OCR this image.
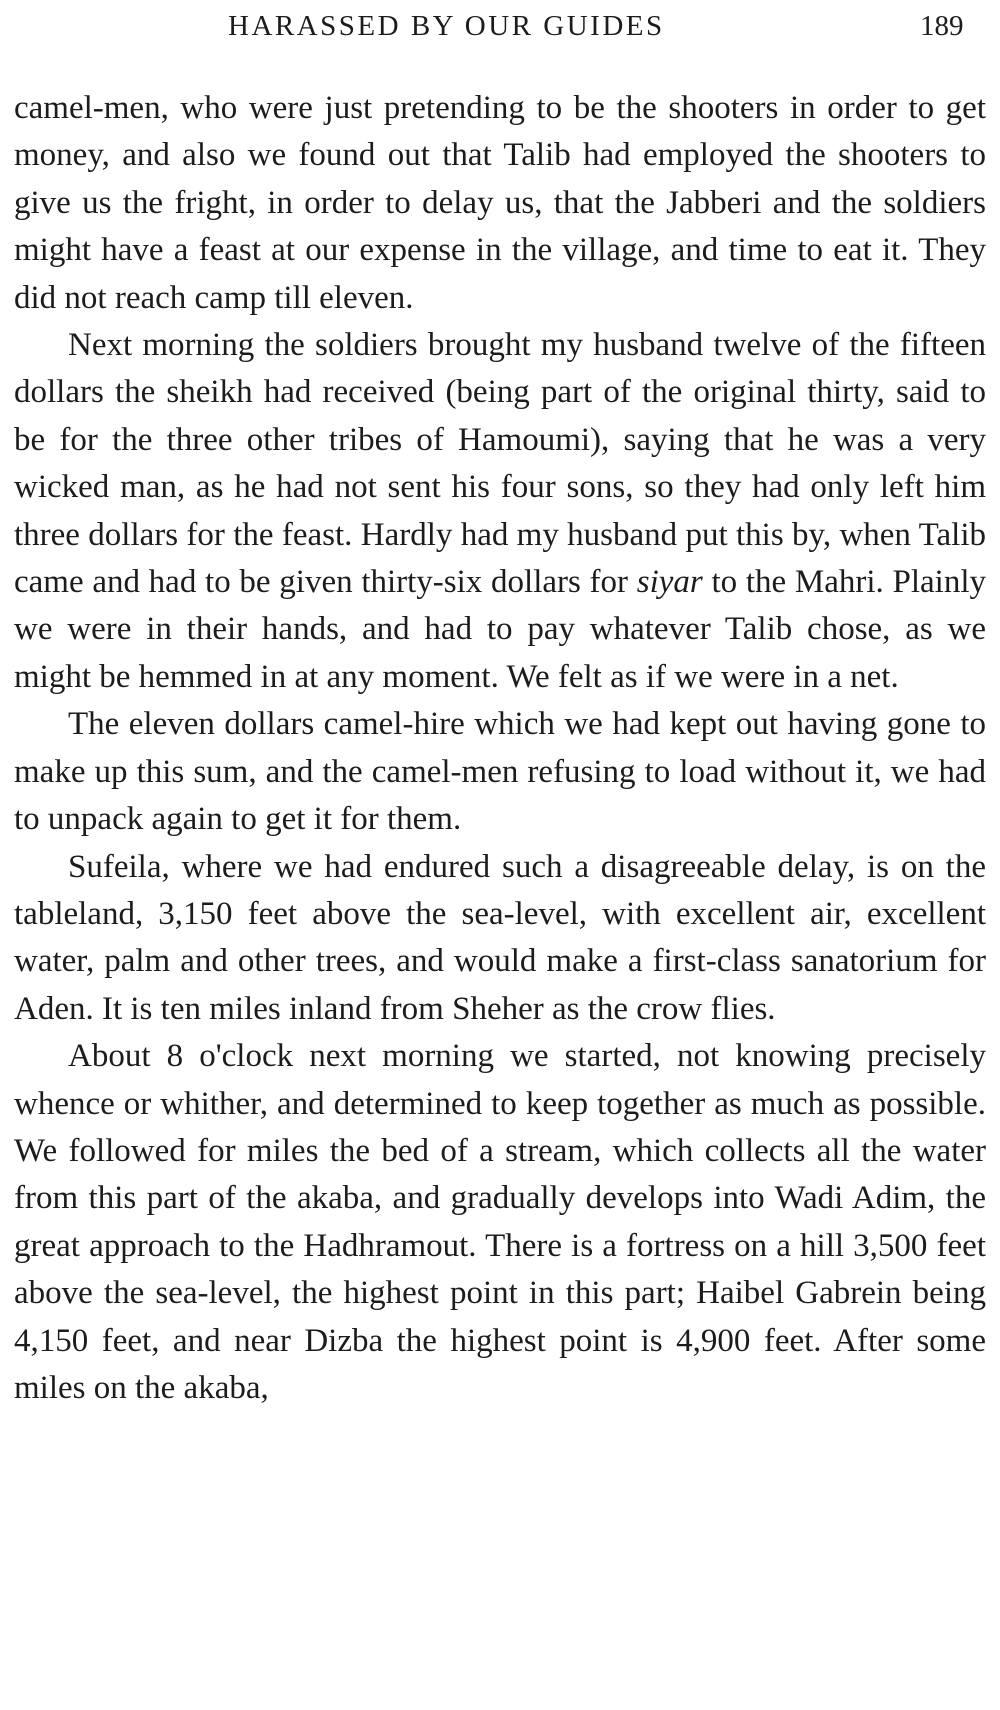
HARASSED BY OUR GUIDES	189

camel-men, who were just pretending to be the shooters in order to get money, and also we found out that Talib had employed the shooters to give us the fright, in order to delay us, that the Jabberi and the soldiers might have a feast at our expense in the village, and time to eat it. They did not reach camp till eleven.

Next morning the soldiers brought my husband twelve of the fifteen dollars the sheikh had received (being part of the original thirty, said to be for the three other tribes of Hamoumi), saying that he was a very wicked man, as he had not sent his four sons, so they had only left him three dollars for the feast. Hardly had my husband put this by, when Talib came and had to be given thirty-six dollars for siyar to the Mahri. Plainly we were in their hands, and had to pay whatever Talib chose, as we might be hemmed in at any moment. We felt as if we were in a net.

The eleven dollars camel-hire which we had kept out having gone to make up this sum, and the camel-men refusing to load without it, we had to unpack again to get it for them.

Sufeila, where we had endured such a disagreeable delay, is on the tableland, 3,150 feet above the sea-level, with excellent air, excellent water, palm and other trees, and would make a first-class sanatorium for Aden. It is ten miles inland from Sheher as the crow flies.

About 8 o'clock next morning we started, not knowing precisely whence or whither, and determined to keep together as much as possible. We followed for miles the bed of a stream, which collects all the water from this part of the akaba, and gradually develops into Wadi Adim, the great approach to the Hadhramout. There is a fortress on a hill 3,500 feet above the sea-level, the highest point in this part; Haibel Gabrein being 4,150 feet, and near Dizba the highest point is 4,900 feet. After some miles on the akaba,
